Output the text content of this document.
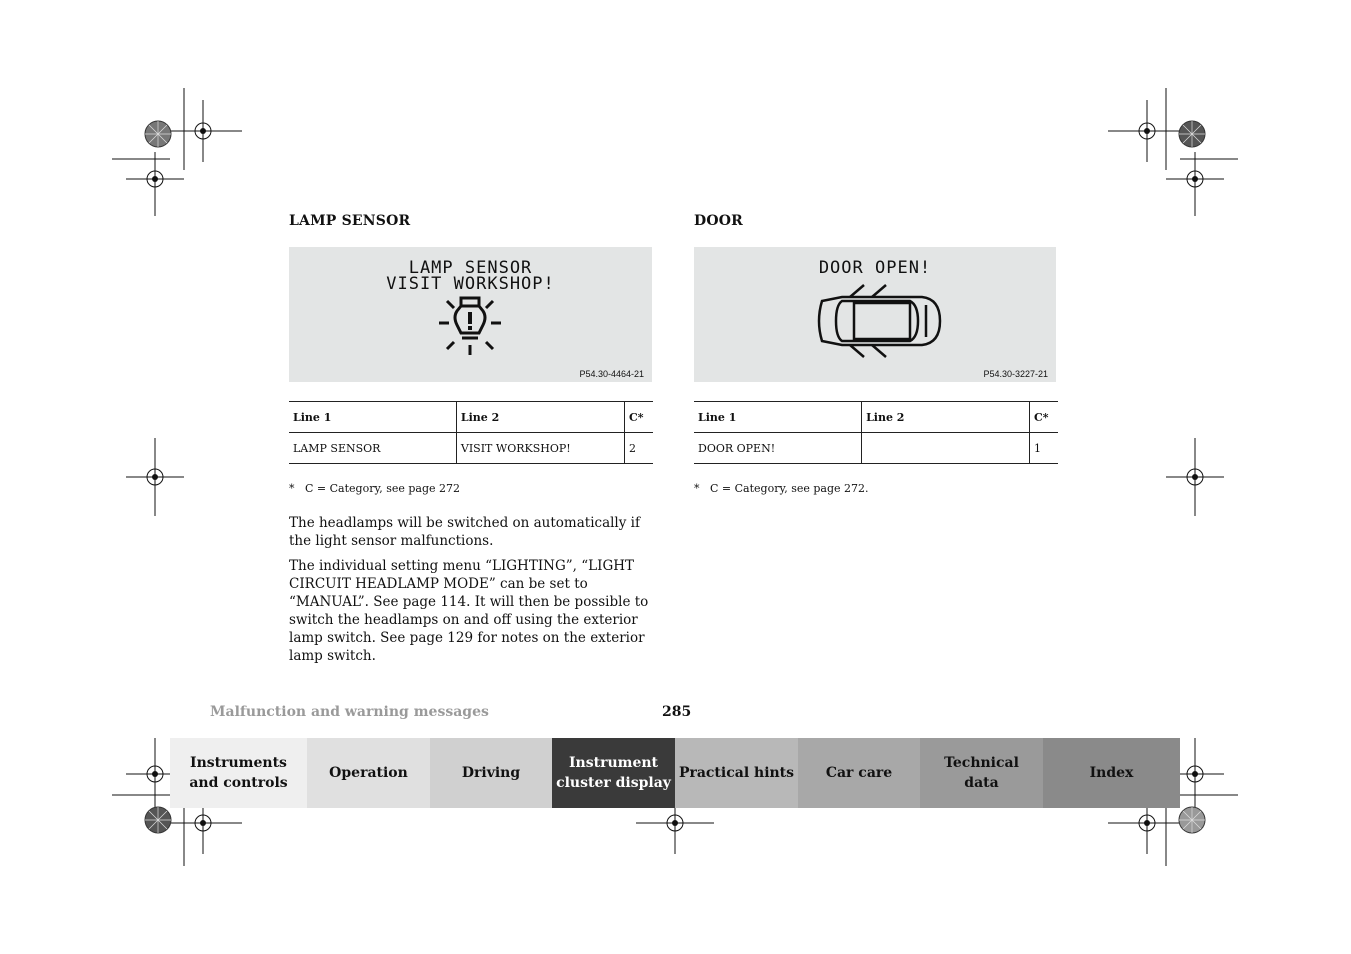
LAMP SENSOR
LAMP SENSOR
VISIT WORKSHOP!
P54.30-4464-21
Line 1	Line 2	C*
LAMP SENSOR	VISIT WORKSHOP!	2
* C = Category, see page 272

The headlamps will be switched on automatically if the light sensor malfunctions.

The individual setting menu “LIGHTING”, “LIGHT CIRCUIT HEADLAMP MODE” can be set to “MANUAL”. See page 114. It will then be possible to switch the headlamps on and off using the exterior lamp switch. See page 129 for notes on the exterior lamp switch.

DOOR
DOOR OPEN!
P54.30-3227-21
Line 1	Line 2	C*
DOOR OPEN!		1
* C = Category, see page 272.
Malfunction and warning messages	285
Instruments
and controls
Operation	Driving
Instrument
cluster display
Practical hints Car care
Technical
data
Index
